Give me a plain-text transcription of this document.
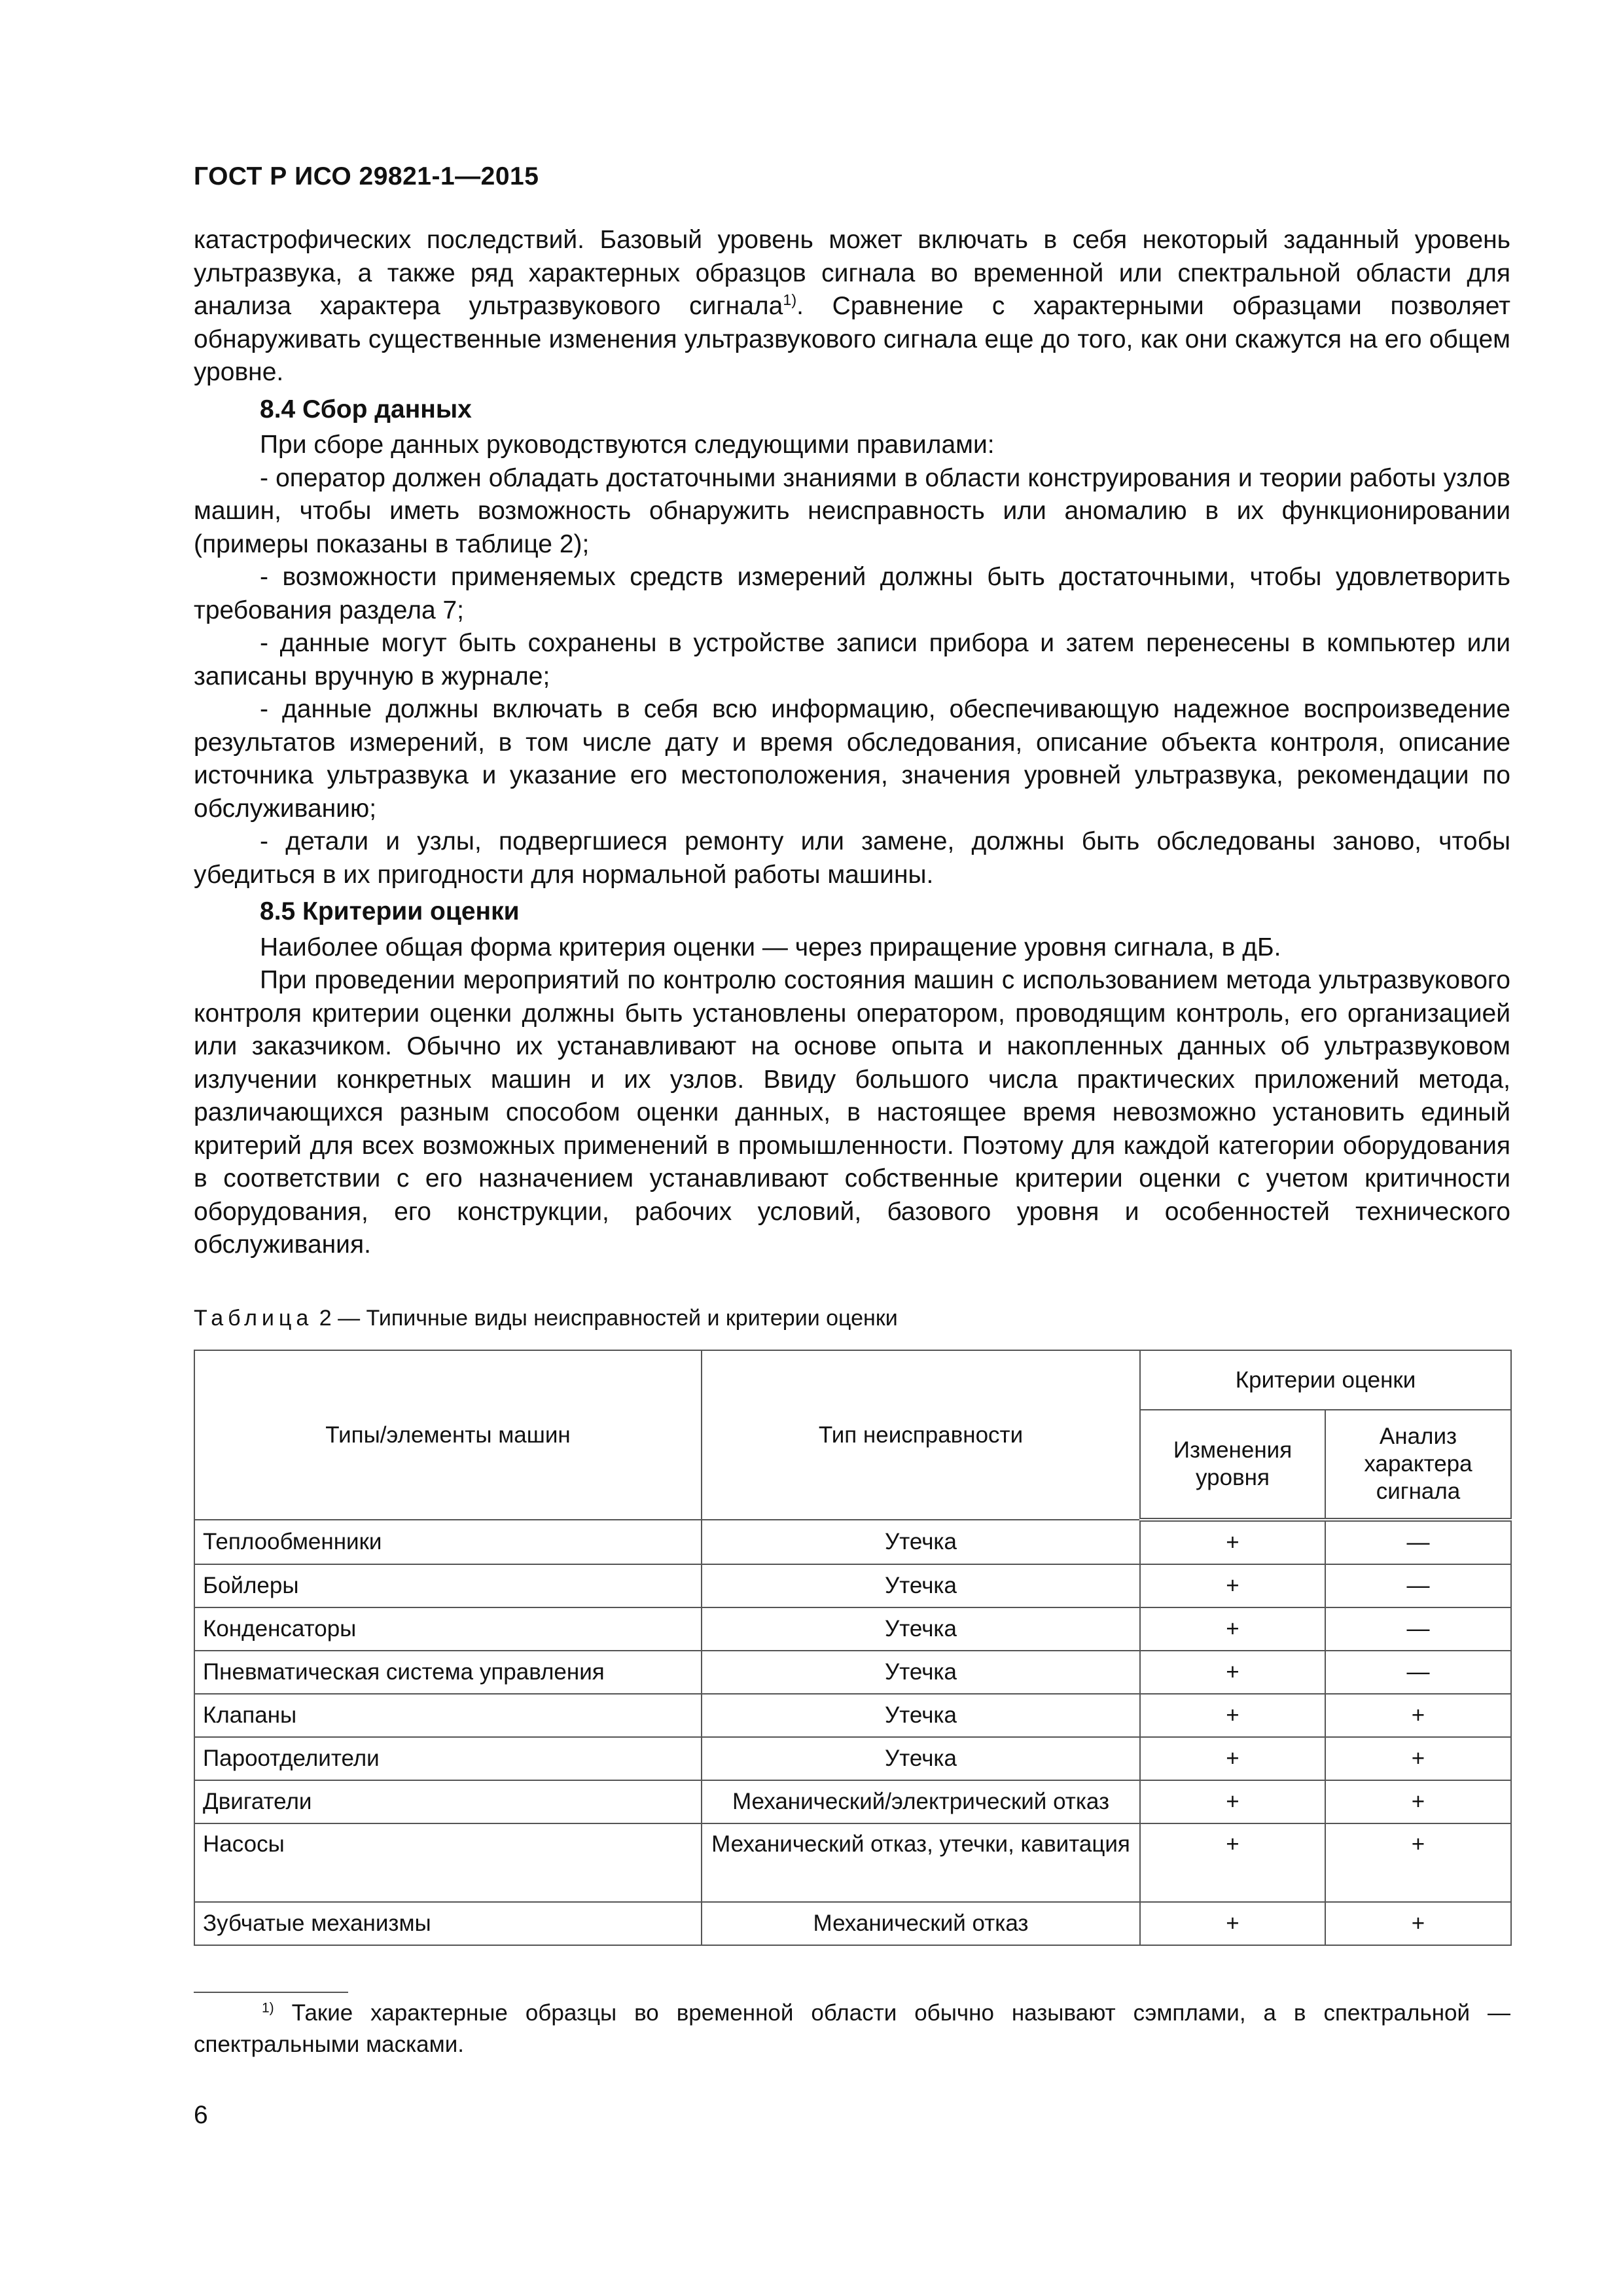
ГОСТ Р ИСО 29821-1—2015

катастрофических последствий. Базовый уровень может включать в себя некоторый заданный уровень ультразвука, а также ряд характерных образцов сигнала во временной или спектральной области для анализа характера ультразвукового сигнала$^{1)}$. Сравнение с характерными образцами позволяет обнаруживать существенные изменения ультразвукового сигнала еще до того, как они скажутся на его общем уровне.

8.4 Сбор данных

При сборе данных руководствуются следующими правилами:

- оператор должен обладать достаточными знаниями в области конструирования и теории работы узлов машин, чтобы иметь возможность обнаружить неисправность или аномалию в их функционировании (примеры показаны в таблице 2);

- возможности применяемых средств измерений должны быть достаточными, чтобы удовлетворить требования раздела 7;

- данные могут быть сохранены в устройстве записи прибора и затем перенесены в компьютер или записаны вручную в журнале;

- данные должны включать в себя всю информацию, обеспечивающую надежное воспроизведение результатов измерений, в том числе дату и время обследования, описание объекта контроля, описание источника ультразвука и указание его местоположения, значения уровней ультразвука, рекомендации по обслуживанию;

- детали и узлы, подвергшиеся ремонту или замене, должны быть обследованы заново, чтобы убедиться в их пригодности для нормальной работы машины.

8.5 Критерии оценки

Наиболее общая форма критерия оценки — через приращение уровня сигнала, в дБ.

При проведении мероприятий по контролю состояния машин с использованием метода ультразвукового контроля критерии оценки должны быть установлены оператором, проводящим контроль, его организацией или заказчиком. Обычно их устанавливают на основе опыта и накопленных данных об ультразвуковом излучении конкретных машин и их узлов. Ввиду большого числа практических приложений метода, различающихся разным способом оценки данных, в настоящее время невозможно установить единый критерий для всех возможных применений в промышленности. Поэтому для каждой категории оборудования в соответствии с его назначением устанавливают собственные критерии оценки с учетом критичности оборудования, его конструкции, рабочих условий, базового уровня и особенностей технического обслуживания.

Таблица 2 — Типичные виды неисправностей и критерии оценки
Типы/элементы машин	Тип неисправности	Критерии оценки	
		Изменения уровня	Анализ характера сигнала
Теплообменники	Утечка	+	—
Бойлеры	Утечка	+	—
Конденсаторы	Утечка	+	—
Пневматическая система управления	Утечка	+	—
Клапаны	Утечка	+	+
Пароотделители	Утечка	+	+
Двигатели	Механический/электрический отказ	+	+
Насосы	Механический отказ, утечки, кавитация	+	+
Зубчатые механизмы	Механический отказ	+	+
$^{1)}$ Такие характерные образцы во временной области обычно называют сэмплами, а в спектральной — спектральными масками.
6
